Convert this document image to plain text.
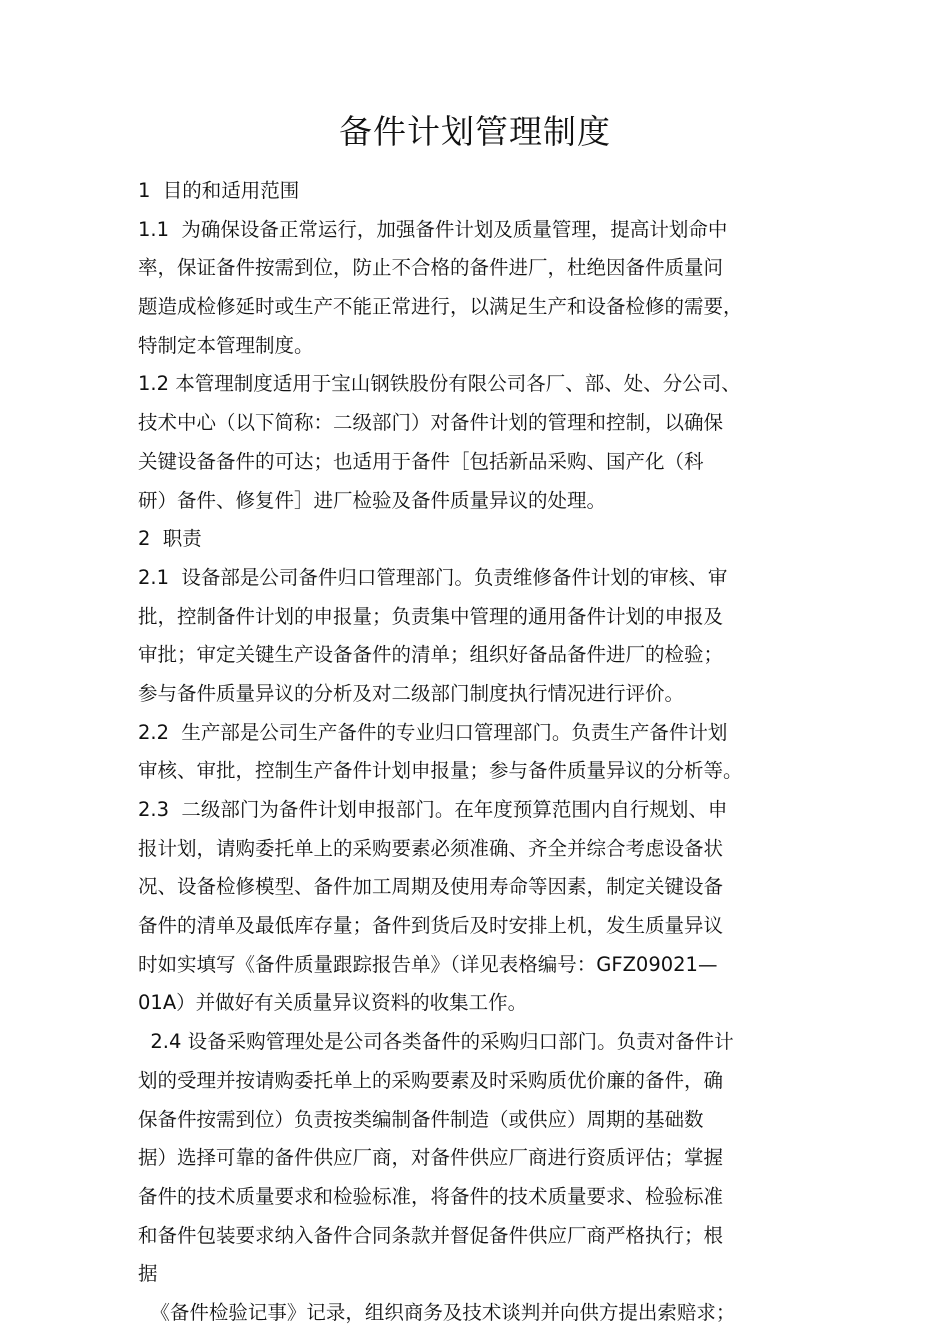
备件计划管理制度
1  目的和适用范围
1.1  为确保设备正常运行，加强备件计划及质量管理，提高计划命中
率，保证备件按需到位，防止不合格的备件进厂，杜绝因备件质量问
题造成检修延时或生产不能正常进行，以满足生产和设备检修的需要，
特制定本管理制度。
1.2 本管理制度适用于宝山钢铁股份有限公司各厂、部、处、分公司、
技术中心（以下简称：二级部门）对备件计划的管理和控制，以确保
关键设备备件的可达；也适用于备件［包括新品采购、国产化（科
研）备件、修复件］进厂检验及备件质量异议的处理。
2  职责
2.1  设备部是公司备件归口管理部门。负责维修备件计划的审核、审
批，控制备件计划的申报量；负责集中管理的通用备件计划的申报及
审批；审定关键生产设备备件的清单；组织好备品备件进厂的检验；
参与备件质量异议的分析及对二级部门制度执行情况进行评价。
2.2  生产部是公司生产备件的专业归口管理部门。负责生产备件计划
审核、审批，控制生产备件计划申报量；参与备件质量异议的分析等。
2.3  二级部门为备件计划申报部门。在年度预算范围内自行规划、申
报计划，请购委托单上的采购要素必须准确、齐全并综合考虑设备状
况、设备检修模型、备件加工周期及使用寿命等因素，制定关键设备
备件的清单及最低库存量；备件到货后及时安排上机，发生质量异议
时如实填写《备件质量跟踪报告单》（详见表格编号：GFZ09021—
01A）并做好有关质量异议资料的收集工作。
2.4 设备采购管理处是公司各类备件的采购归口部门。负责对备件计
划的受理并按请购委托单上的采购要素及时采购质优价廉的备件，确
保备件按需到位）负责按类编制备件制造（或供应）周期的基础数
据）选择可靠的备件供应厂商，对备件供应厂商进行资质评估；掌握
备件的技术质量要求和检验标准，将备件的技术质量要求、检验标准
和备件包装要求纳入备件合同条款并督促备件供应厂商严格执行；根
据
《备件检验记事》记录，组织商务及技术谈判并向供方提出索赔求；
